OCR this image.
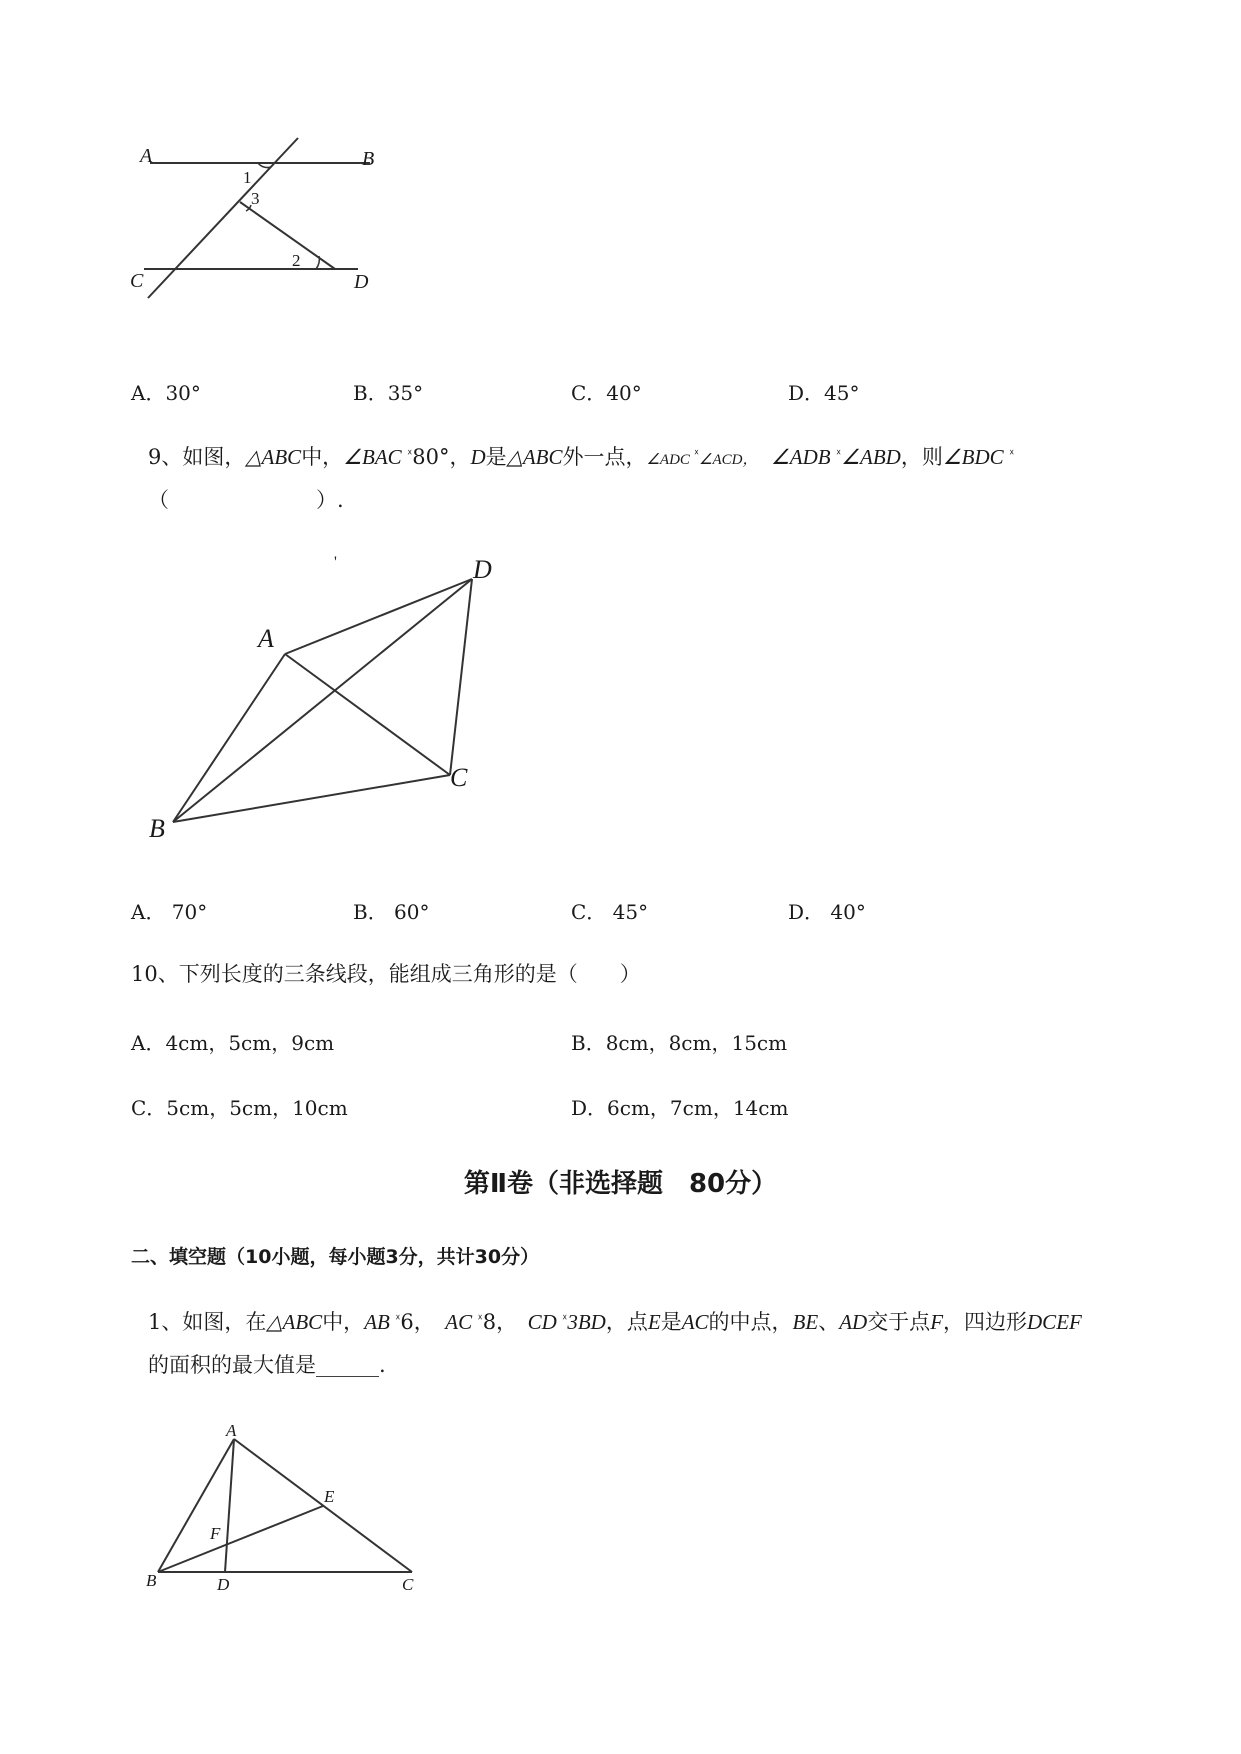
A	B
C	D
1
3
2
A．30°	B．35°	C．40°	D．45°
9、如图，△ABC中，∠BAC $^ᕁ$80°，D是△ABC外一点，∠ADC $^ᕁ$∠ACD，　 ∠ADB $^ᕁ$∠ABD，则∠BDC $^ᕁ$
（　　　　　　　）.
'
A
B
C
D
A． 70°	B． 60°	C． 45°	D． 40°
10、下列长度的三条线段，能组成三角形的是（　　）
A．4cm，5cm，9cm	B．8cm，8cm，15cm
C．5cm，5cm，10cm	D．6cm，7cm，14cm
第Ⅱ卷（非选择题　80分）
二、填空题（10小题，每小题3分，共计30分）
1、如图，在△ABC中，AB $^ᕁ$6，　 AC $^ᕁ$8，　 CD $^ᕁ$3BD，点E是AC的中点，BE、AD交于点F，四边形DCEF
的面积的最大值是______.
A
B	C
D
E
F
